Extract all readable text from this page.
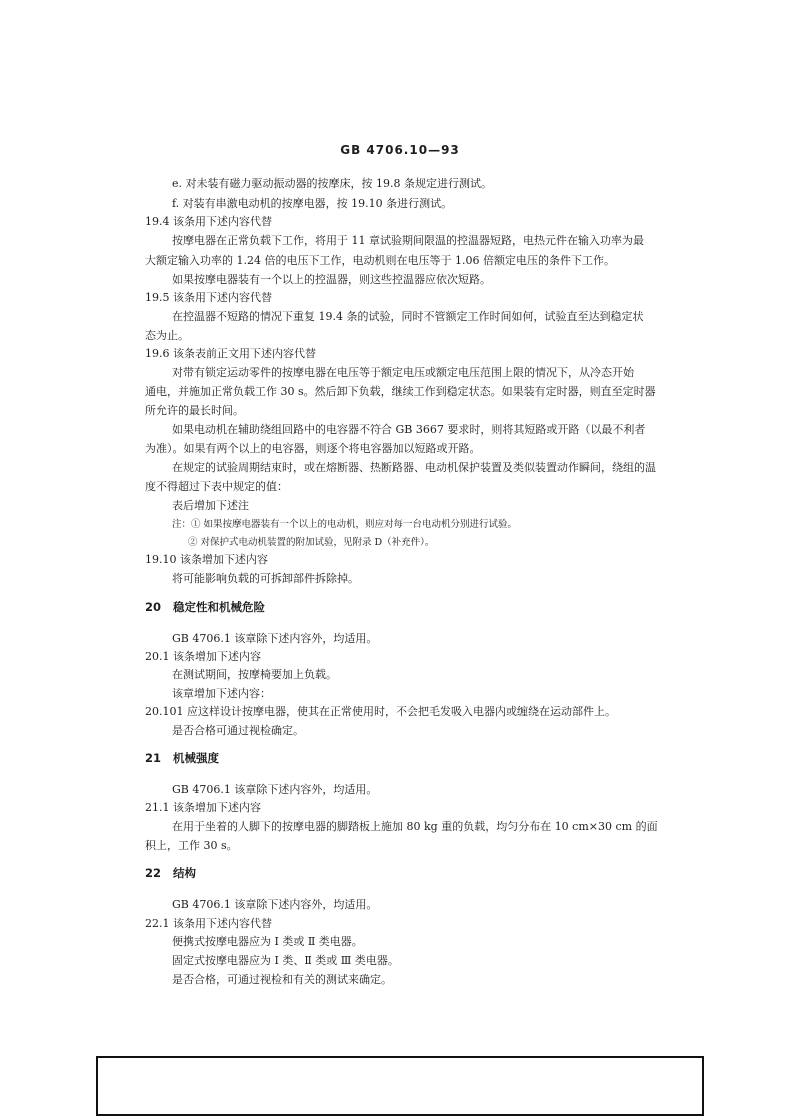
GB 4706.10—93
e. 对未装有磁力驱动振动器的按摩床，按 19.8 条规定进行测试。
f. 对装有串激电动机的按摩电器，按 19.10 条进行测试。
19.4 该条用下述内容代替
按摩电器在正常负载下工作，将用于 11 章试验期间限温的控温器短路，电热元件在输入功率为最
大额定输入功率的 1.24 倍的电压下工作，电动机则在电压等于 1.06 倍额定电压的条件下工作。
如果按摩电器装有一个以上的控温器，则这些控温器应依次短路。
19.5 该条用下述内容代替
在控温器不短路的情况下重复 19.4 条的试验，同时不管额定工作时间如何，试验直至达到稳定状
态为止。
19.6 该条表前正文用下述内容代替
对带有锁定运动零件的按摩电器在电压等于额定电压或额定电压范围上限的情况下，从冷态开始
通电，并施加正常负载工作 30 s。然后卸下负载，继续工作到稳定状态。如果装有定时器，则直至定时器
所允许的最长时间。
如果电动机在辅助绕组回路中的电容器不符合 GB 3667 要求时，则将其短路或开路（以最不利者
为准）。如果有两个以上的电容器，则逐个将电容器加以短路或开路。
在规定的试验周期结束时，或在熔断器、热断路器、电动机保护装置及类似装置动作瞬间，绕组的温
度不得超过下表中规定的值：
表后增加下述注
注：① 如果按摩电器装有一个以上的电动机，则应对每一台电动机分别进行试验。
② 对保护式电动机装置的附加试验，见附录 D（补充件）。
19.10 该条增加下述内容
将可能影响负载的可拆卸部件拆除掉。
GB 4706.1 该章除下述内容外，均适用。
20.1 该条增加下述内容
在测试期间，按摩椅要加上负载。
该章增加下述内容：
20.101 应这样设计按摩电器，使其在正常使用时，不会把毛发吸入电器内或缠绕在运动部件上。
是否合格可通过视检确定。
GB 4706.1 该章除下述内容外，均适用。
21.1 该条增加下述内容
在用于坐着的人脚下的按摩电器的脚踏板上施加 80 kg 重的负载，均匀分布在 10 cm×30 cm 的面
积上，工作 30 s。
GB 4706.1 该章除下述内容外，均适用。
22.1 该条用下述内容代替
便携式按摩电器应为 Ⅰ 类或 Ⅱ 类电器。
固定式按摩电器应为 Ⅰ 类、Ⅱ 类或 Ⅲ 类电器。
是否合格，可通过视检和有关的测试来确定。
20 稳定性和机械危险
21 机械强度
22 结构
